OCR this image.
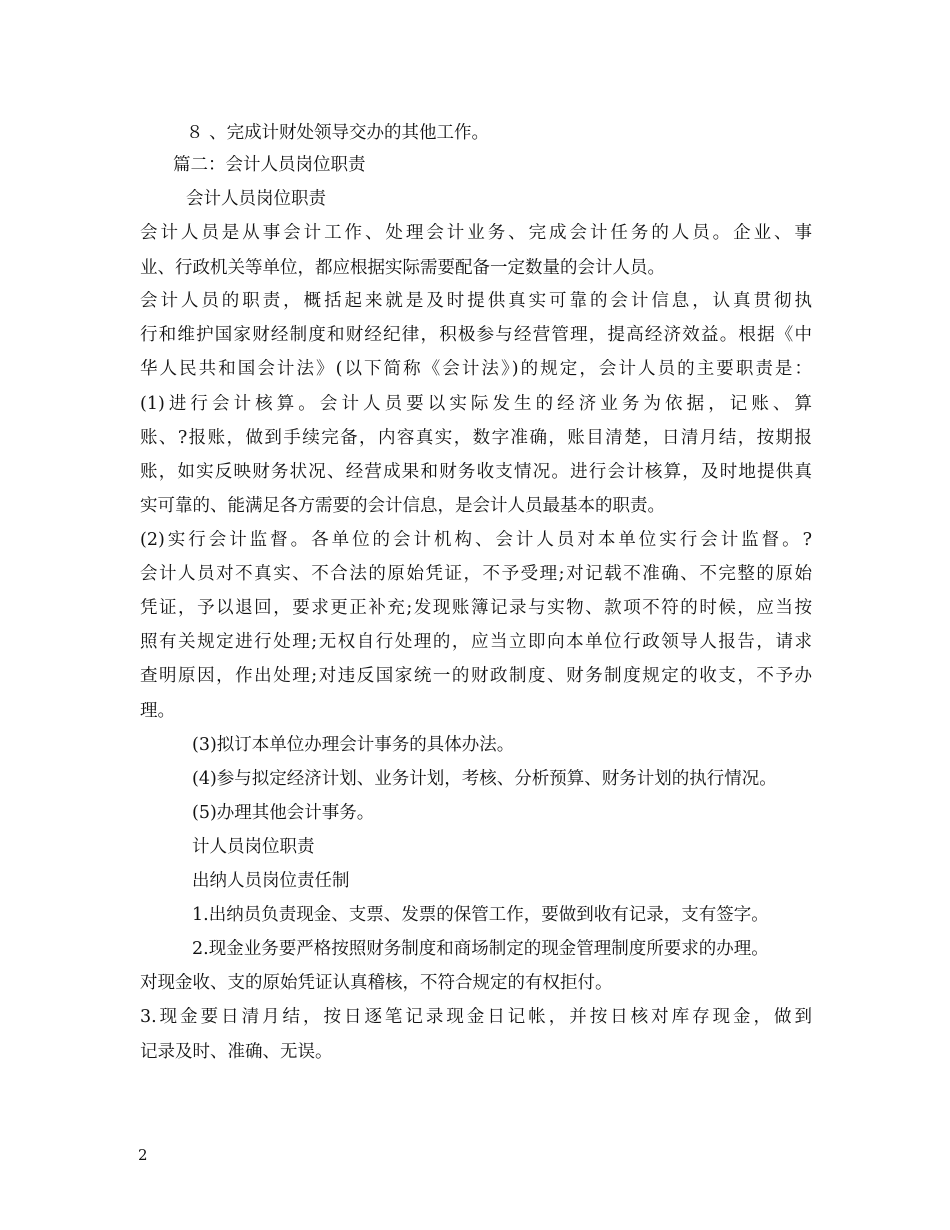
８ 、完成计财处领导交办的其他工作。
篇二：会计人员岗位职责
会计人员岗位职责
会计人员是从事会计工作、处理会计业务、完成会计任务的人员。企业、事
业、行政机关等单位，都应根据实际需要配备一定数量的会计人员。
会计人员的职责，概括起来就是及时提供真实可靠的会计信息，认真贯彻执
行和维护国家财经制度和财经纪律，积极参与经营管理，提高经济效益。根据《中
华人民共和国会计法》(以下简称《会计法》)的规定，会计人员的主要职责是：
(1)进行会计核算。会计人员要以实际发生的经济业务为依据，记账、算
账、?报账，做到手续完备，内容真实，数字准确，账目清楚，日清月结，按期报
账，如实反映财务状况、经营成果和财务收支情况。进行会计核算，及时地提供真
实可靠的、能满足各方需要的会计信息，是会计人员最基本的职责。
(2)实行会计监督。各单位的会计机构、会计人员对本单位实行会计监督。?
会计人员对不真实、不合法的原始凭证，不予受理;对记载不准确、不完整的原始
凭证，予以退回，要求更正补充;发现账簿记录与实物、款项不符的时候，应当按
照有关规定进行处理;无权自行处理的，应当立即向本单位行政领导人报告，请求
查明原因，作出处理;对违反国家统一的财政制度、财务制度规定的收支，不予办
理。
(3)拟订本单位办理会计事务的具体办法。
(4)参与拟定经济计划、业务计划，考核、分析预算、财务计划的执行情况。
(5)办理其他会计事务。
计人员岗位职责
出纳人员岗位责任制
1.出纳员负责现金、支票、发票的保管工作，要做到收有记录，支有签字。
2.现金业务要严格按照财务制度和商场制定的现金管理制度所要求的办理。
对现金收、支的原始凭证认真稽核，不符合规定的有权拒付。
3.现金要日清月结，按日逐笔记录现金日记帐，并按日核对库存现金，做到
记录及时、准确、无误。
2
